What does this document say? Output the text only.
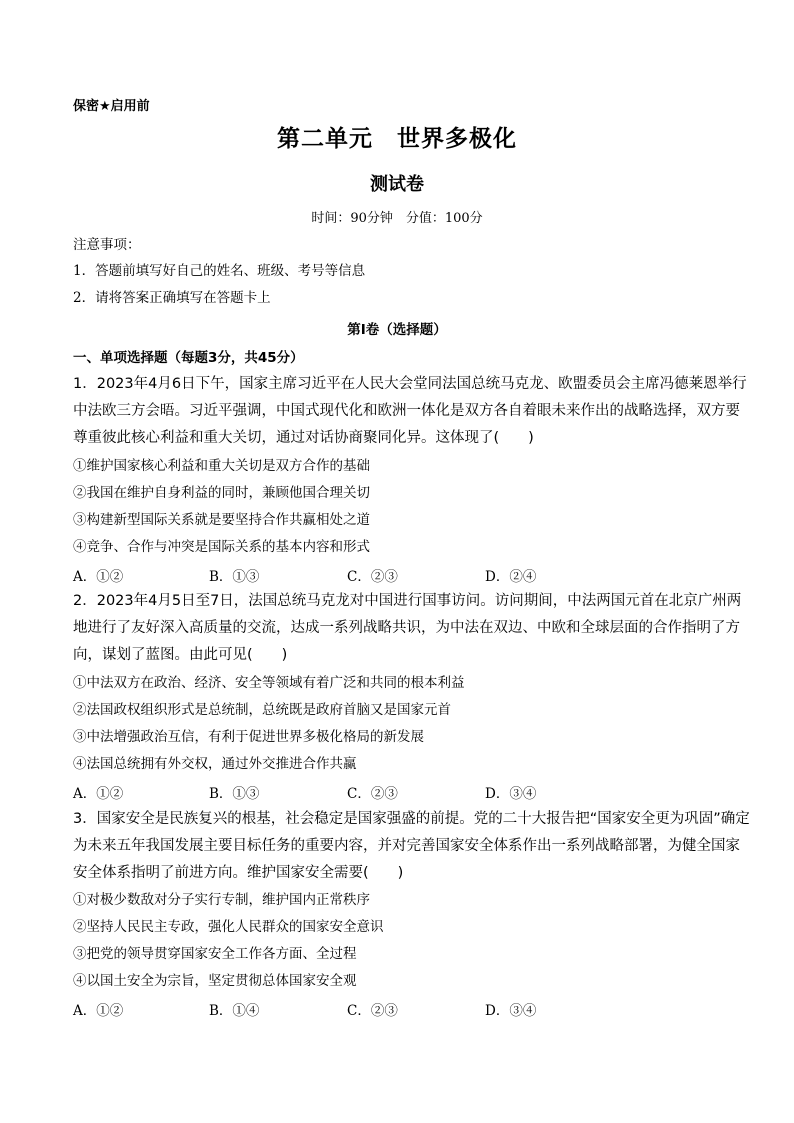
保密★启用前
第二单元　世界多极化
测试卷
时间：90分钟　分值：100分
注意事项：
1．答题前填写好自己的姓名、班级、考号等信息
2．请将答案正确填写在答题卡上
第I卷（选择题）
一、单项选择题（每题3分，共45分）
1．2023年4月6日下午，国家主席习近平在人民大会堂同法国总统马克龙、欧盟委员会主席冯德莱恩举行
中法欧三方会晤。习近平强调，中国式现代化和欧洲一体化是双方各自着眼未来作出的战略选择，双方要
尊重彼此核心利益和重大关切，通过对话协商聚同化异。这体现了(　　)
①维护国家核心利益和重大关切是双方合作的基础
②我国在维护自身利益的同时，兼顾他国合理关切
③构建新型国际关系就是要坚持合作共赢相处之道
④竞争、合作与冲突是国际关系的基本内容和形式
A．①②	B．①③	C．②③	D．②④
2．2023年4月5日至7日，法国总统马克龙对中国进行国事访问。访问期间，中法两国元首在北京广州两
地进行了友好深入高质量的交流，达成一系列战略共识，为中法在双边、中欧和全球层面的合作指明了方
向，谋划了蓝图。由此可见(　　)
①中法双方在政治、经济、安全等领域有着广泛和共同的根本利益
②法国政权组织形式是总统制，总统既是政府首脑又是国家元首
③中法增强政治互信，有利于促进世界多极化格局的新发展
④法国总统拥有外交权，通过外交推进合作共赢
A．①②	B．①③	C．②③	D．③④
3．国家安全是民族复兴的根基，社会稳定是国家强盛的前提。党的二十大报告把“国家安全更为巩固”确定
为未来五年我国发展主要目标任务的重要内容，并对完善国家安全体系作出一系列战略部署，为健全国家
安全体系指明了前进方向。维护国家安全需要(　　)
①对极少数敌对分子实行专制，维护国内正常秩序
②坚持人民民主专政，强化人民群众的国家安全意识
③把党的领导贯穿国家安全工作各方面、全过程
④以国土安全为宗旨，坚定贯彻总体国家安全观
A．①②	B．①④	C．②③	D．③④
